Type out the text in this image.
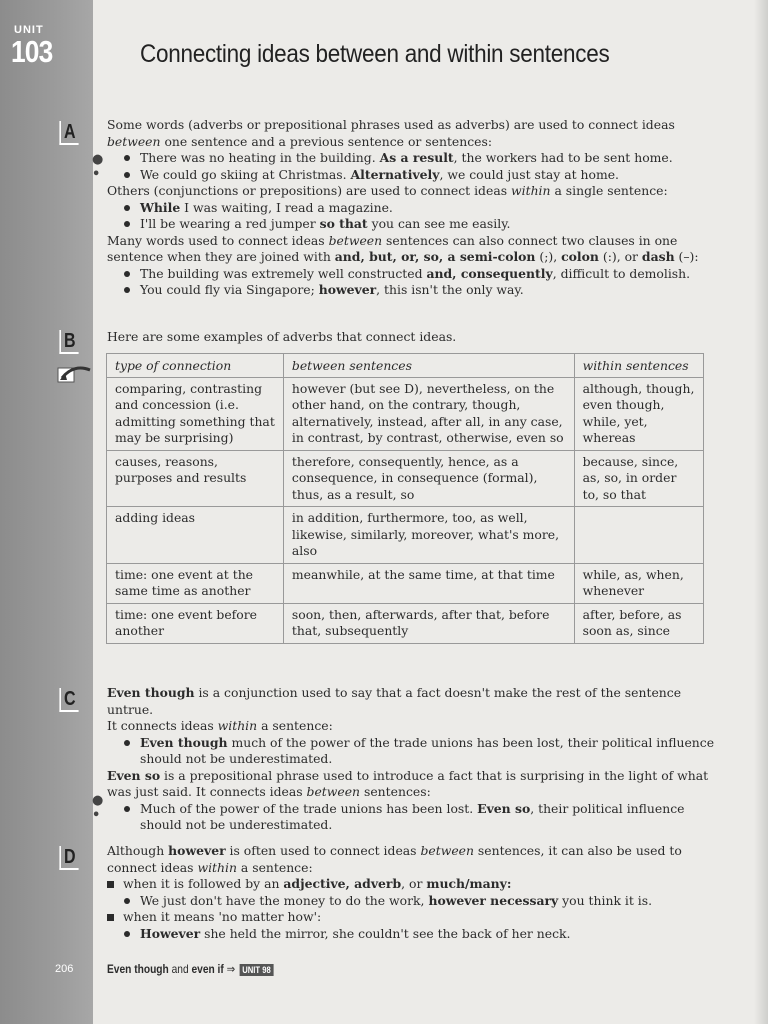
UNIT
103
206
Connecting ideas between and within sentences
A
●
•

Some words (adverbs or prepositional phrases used as adverbs) are used to connect ideas
between one sentence and a previous sentence or sentences:

There was no heating in the building. As a result, the workers had to be sent home.

We could go skiing at Christmas. Alternatively, we could just stay at home.

Others (conjunctions or prepositions) are used to connect ideas within a single sentence:

While I was waiting, I read a magazine.

I'll be wearing a red jumper so that you can see me easily.

Many words used to connect ideas between sentences can also connect two clauses in one
sentence when they are joined with and, but, or, so, a semi-colon (;), colon (:), or dash (–):

The building was extremely well constructed and, consequently, difficult to demolish.

You could fly via Singapore; however, this isn't the only way.

B	Here are some examples of adverbs that connect ideas.

type of connection	between sentences	within sentences
comparing, contrasting and concession (i.e. admitting something that may be surprising)	however (but see D), nevertheless, on the other hand, on the contrary, though, alternatively, instead, after all, in any case, in contrast, by contrast, otherwise, even so	although, though, even though, while, yet, whereas
causes, reasons, purposes and results	therefore, consequently, hence, as a consequence, in consequence (formal), thus, as a result, so	because, since, as, so, in order to, so that
adding ideas	in addition, furthermore, too, as well, likewise, similarly, moreover, what's more, also	
time: one event at the same time as another	meanwhile, at the same time, at that time	while, as, when, whenever
time: one event before another	soon, then, afterwards, after that, before that, subsequently	after, before, as soon as, since
C
●
•

Even though is a conjunction used to say that a fact doesn't make the rest of the sentence untrue.
It connects ideas within a sentence:

Even though much of the power of the trade unions has been lost, their political influence
should not be underestimated.

Even so is a prepositional phrase used to introduce a fact that is surprising in the light of what
was just said. It connects ideas between sentences:

Much of the power of the trade unions has been lost. Even so, their political influence
should not be underestimated.

D	Although however is often used to connect ideas between sentences, it can also be used to
connect ideas within a sentence:

when it is followed by an adjective, adverb, or much/many:

We just don't have the money to do the work, however necessary you think it is.

when it means 'no matter how':

However she held the mirror, she couldn't see the back of her neck.

Even though and even if ⇒ UNIT 98
